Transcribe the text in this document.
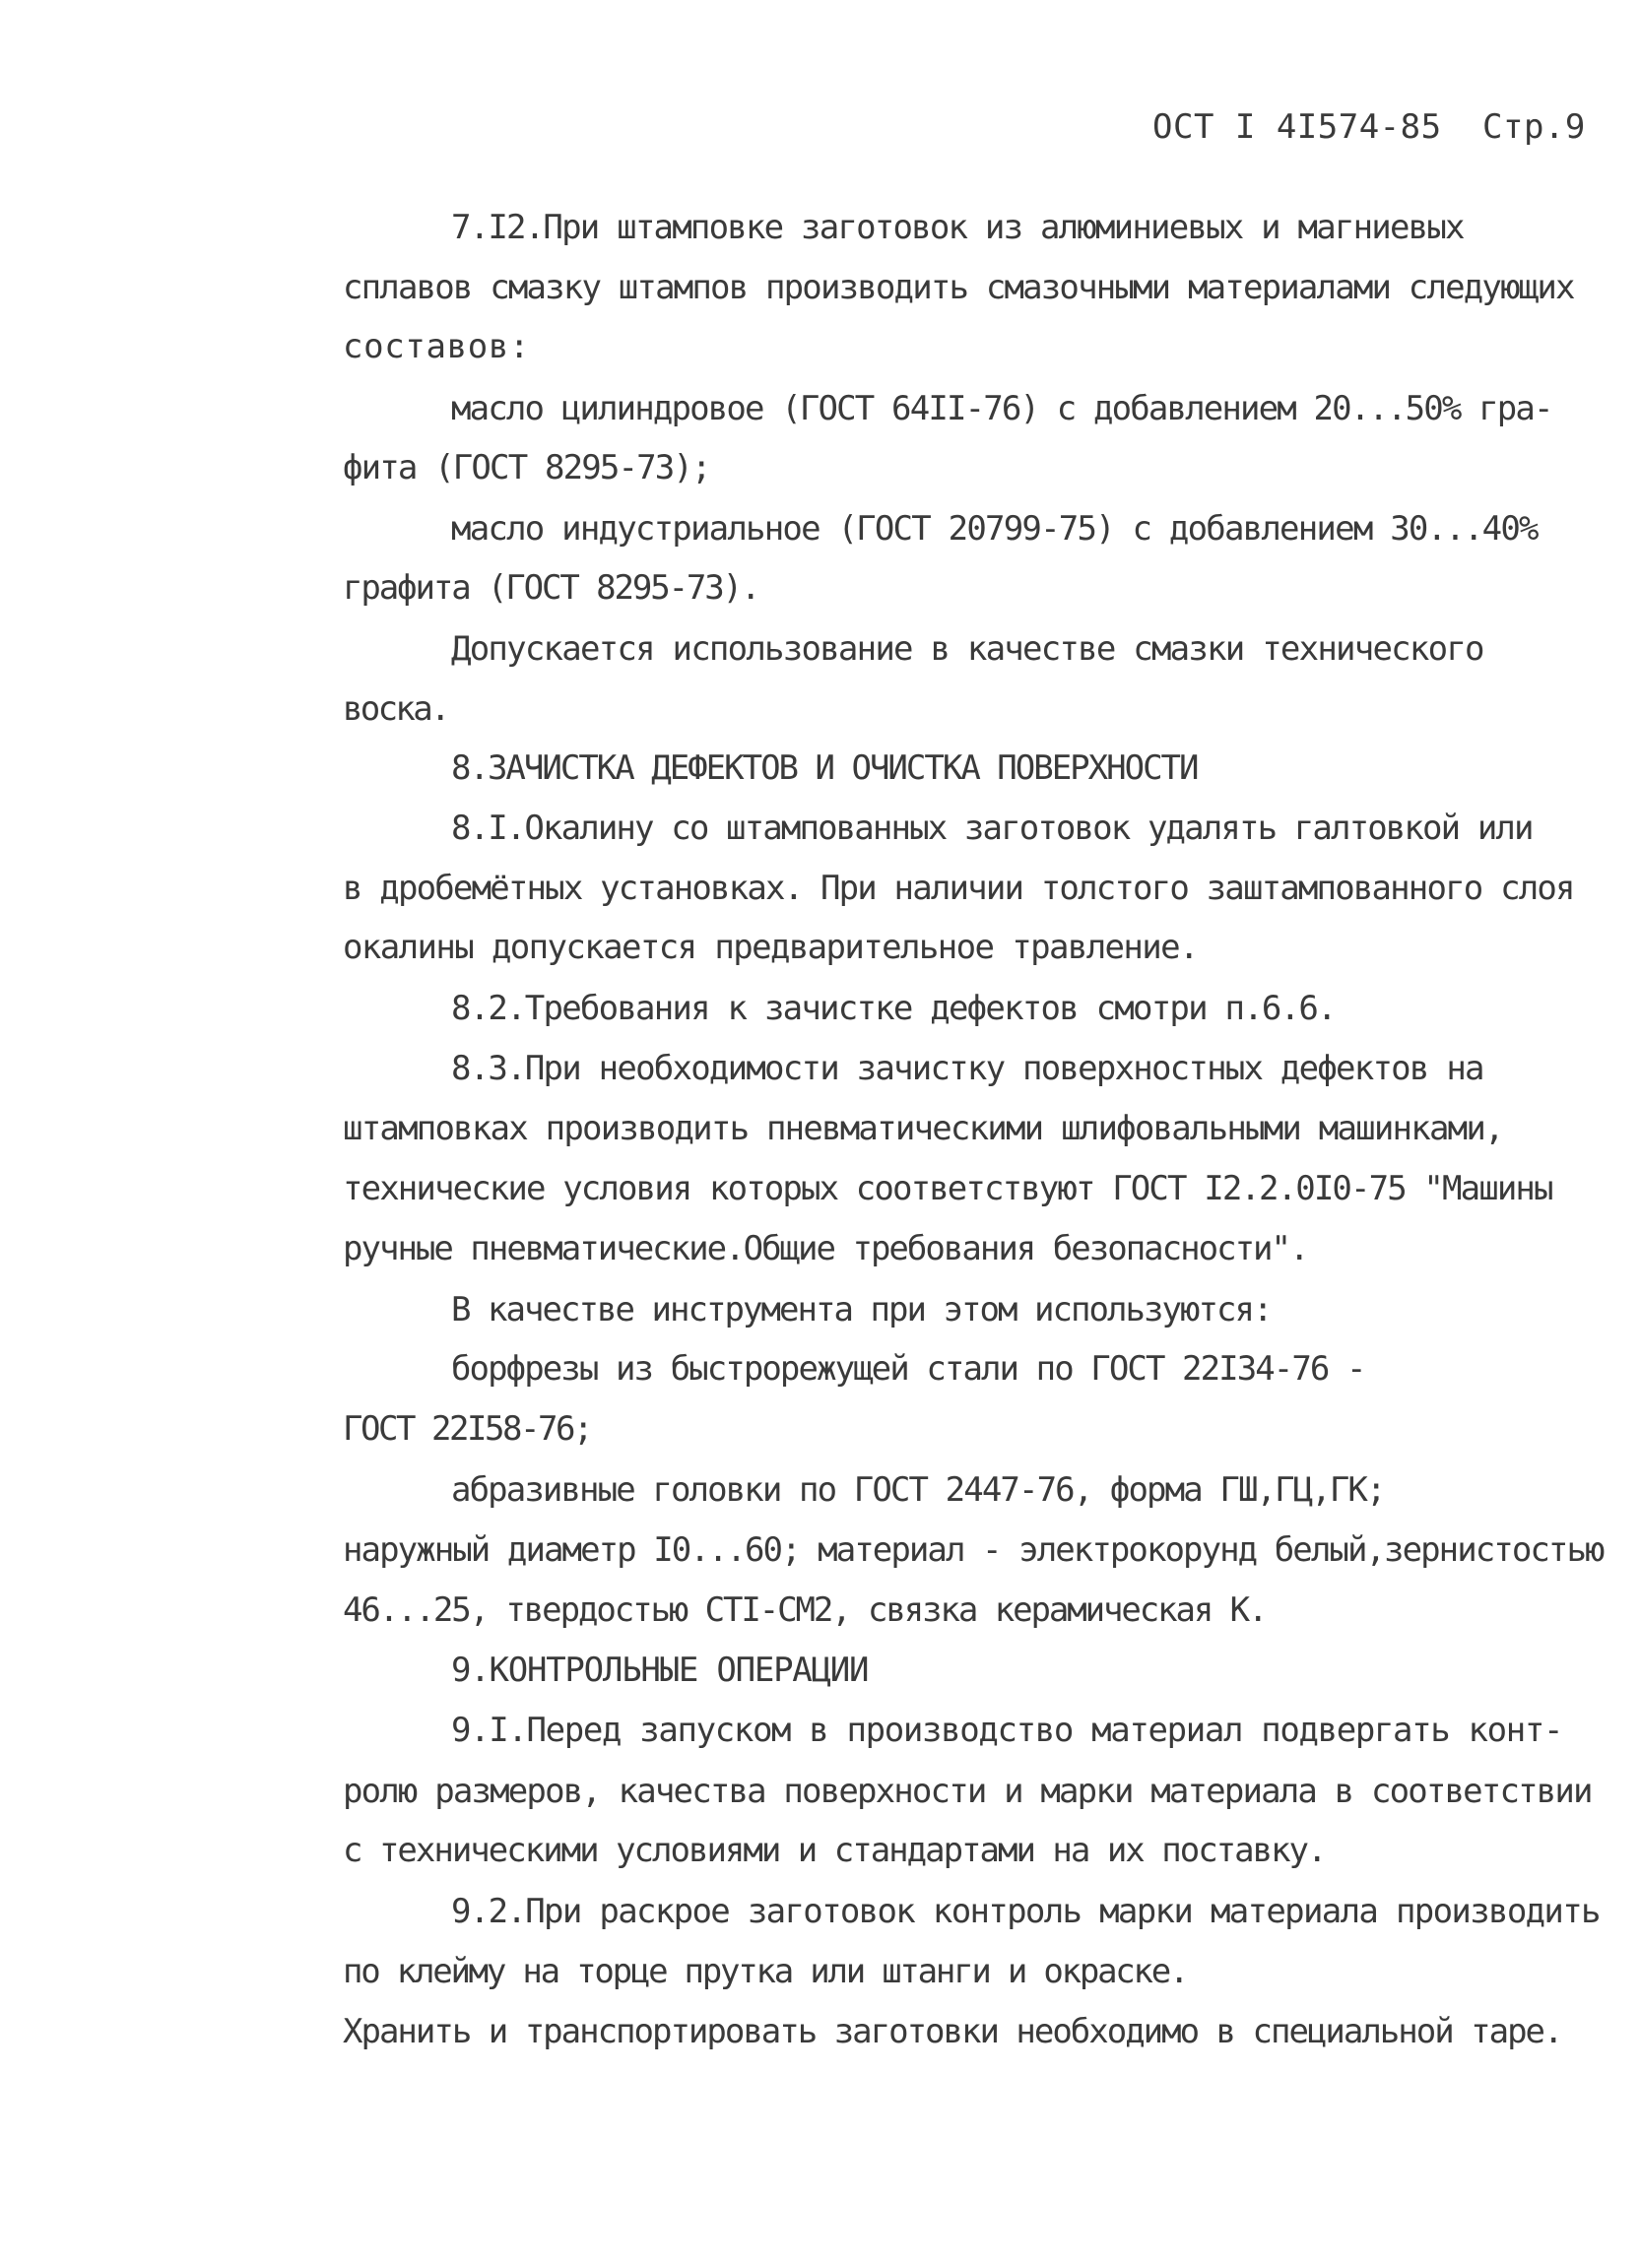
ОСТ I 4I574-85 Стр.9
7.I2.При штамповке заготовок из алюминиевых и магниевых
сплавов смазку штампов производить смазочными материалами следующих
составов:
масло цилиндровое (ГОСТ 64II-76) с добавлением 20...50% гра-
фита (ГОСТ 8295-73);
масло индустриальное (ГОСТ 20799-75) с добавлением 30...40%
графита (ГОСТ 8295-73).
Допускается использование в качестве смазки технического
воска.
8.ЗАЧИСТКА ДЕФЕКТОВ И ОЧИСТКА ПОВЕРХНОСТИ
8.I.Окалину со штампованных заготовок удалять галтовкой или
в дробемётных установках. При наличии толстого заштампованного слоя
окалины допускается предварительное травление.
8.2.Требования к зачистке дефектов смотри п.6.6.
8.3.При необходимости зачистку поверхностных дефектов на
штамповках производить пневматическими шлифовальными машинками,
технические условия которых соответствуют ГОСТ I2.2.0I0-75 "Машины
ручные пневматические.Общие требования безопасности".
В качестве инструмента при этом используются:
борфрезы из быстрорежущей стали по ГОСТ 22I34-76 -
ГОСТ 22I58-76;
абразивные головки по ГОСТ 2447-76, форма ГШ,ГЦ,ГК;
наружный диаметр I0...60; материал - электрокорунд белый,зернистостью
46...25, твердостью СТI-СМ2, связка керамическая К.
9.КОНТРОЛЬНЫЕ ОПЕРАЦИИ
9.I.Перед запуском в производство материал подвергать конт-
ролю размеров, качества поверхности и марки материала в соответствии
с техническими условиями и стандартами на их поставку.
9.2.При раскрое заготовок контроль марки материала производить
по клейму на торце прутка или штанги и окраске.
Хранить и транспортировать заготовки необходимо в специальной таре.
